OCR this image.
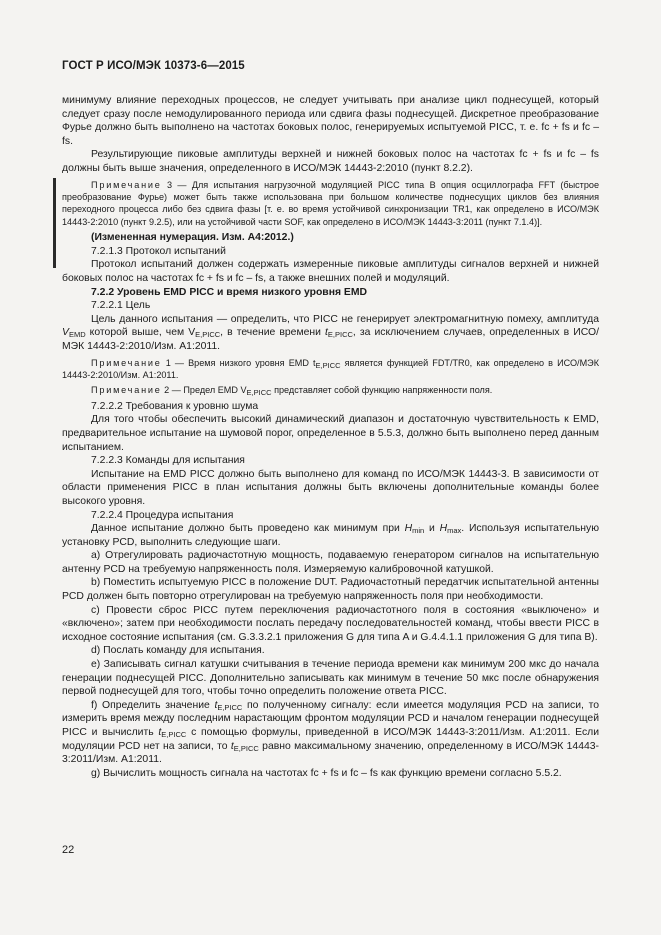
ГОСТ Р ИСО/МЭК 10373-6—2015

минимуму влияние переходных процессов, не следует учитывать при анализе цикл поднесущей, который следует сразу после немодулированного периода или сдвига фазы поднесущей. Дискретное преобразование Фурье должно быть выполнено на частотах боковых полос, генерируемых испытуемой PICC, т. е. fc + fs и fc – fs.

Результирующие пиковые амплитуды верхней и нижней боковых полос на частотах fc + fs и fc – fs должны быть выше значения, определенного в ИСО/МЭК 14443-2:2010 (пункт 8.2.2).

Примечание 3 — Для испытания нагрузочной модуляцией PICC типа B опция осциллографа FFT (быстрое преобразование Фурье) может быть также использована при большом количестве поднесущих циклов без влияния переходного процесса либо без сдвига фазы [т. е. во время устойчивой синхронизации TR1, как определено в ИСО/МЭК 14443-2:2010 (пункт 9.2.5), или на устойчивой части SOF, как определено в ИСО/МЭК 14443-3:2011 (пункт 7.1.4)].

(Измененная нумерация. Изм. A4:2012.)

7.2.1.3 Протокол испытаний

Протокол испытаний должен содержать измеренные пиковые амплитуды сигналов верхней и нижней боковых полос на частотах fc + fs и fc – fs, а также внешних полей и модуляций.

7.2.2 Уровень EMD PICC и время низкого уровня EMD

7.2.2.1 Цель

Цель данного испытания — определить, что PICC не генерирует электромагнитную помеху, амплитуда $V_{EMD}$ которой выше, чем $V_{E,PICC}$, в течение времени $t_{E,PICC}$, за исключением случаев, определенных в ИСО/МЭК 14443-2:2010/Изм. A1:2011.

Примечание 1 — Время низкого уровня EMD $t_{E,PICC}$ является функцией FDT/TR0, как определено в ИСО/МЭК 14443-2:2010/Изм. A1:2011.

Примечание 2 — Предел EMD $V_{E,PICC}$ представляет собой функцию напряженности поля.

7.2.2.2 Требования к уровню шума

Для того чтобы обеспечить высокий динамический диапазон и достаточную чувствительность к EMD, предварительное испытание на шумовой порог, определенное в 5.5.3, должно быть выполнено перед данным испытанием.

7.2.2.3 Команды для испытания

Испытание на EMD PICC должно быть выполнено для команд по ИСО/МЭК 14443-3. В зависимости от области применения PICC в план испытания должны быть включены дополнительные команды более высокого уровня.

7.2.2.4 Процедура испытания

Данное испытание должно быть проведено как минимум при $H_{min}$ и $H_{max}$. Используя испытательную установку PCD, выполнить следующие шаги.

a) Отрегулировать радиочастотную мощность, подаваемую генератором сигналов на испытательную антенну PCD на требуемую напряженность поля. Измеряемую калибровочной катушкой.

b) Поместить испытуемую PICC в положение DUT. Радиочастотный передатчик испытательной антенны PCD должен быть повторно отрегулирован на требуемую напряженность поля при необходимости.

c) Провести сброс PICC путем переключения радиочастотного поля в состояния «выключено» и «включено»; затем при необходимости послать передачу последовательностей команд, чтобы ввести PICC в исходное состояние испытания (см. G.3.3.2.1 приложения G для типа A и G.4.4.1.1 приложения G для типа B).

d) Послать команду для испытания.

e) Записывать сигнал катушки считывания в течение периода времени как минимум 200 мкс до начала генерации поднесущей PICC. Дополнительно записывать как минимум в течение 50 мкс после обнаружения первой поднесущей для того, чтобы точно определить положение ответа PICC.

f) Определить значение $t_{E,PICC}$ по полученному сигналу: если имеется модуляция PCD на записи, то измерить время между последним нарастающим фронтом модуляции PCD и началом генерации поднесущей PICC и вычислить $t_{E,PICC}$ с помощью формулы, приведенной в ИСО/МЭК 14443-3:2011/Изм. A1:2011. Если модуляции PCD нет на записи, то $t_{E,PICC}$ равно максимальному значению, определенному в ИСО/МЭК 14443-3:2011/Изм. A1:2011.

g) Вычислить мощность сигнала на частотах fc + fs и fc – fs как функцию времени согласно 5.5.2.

22
